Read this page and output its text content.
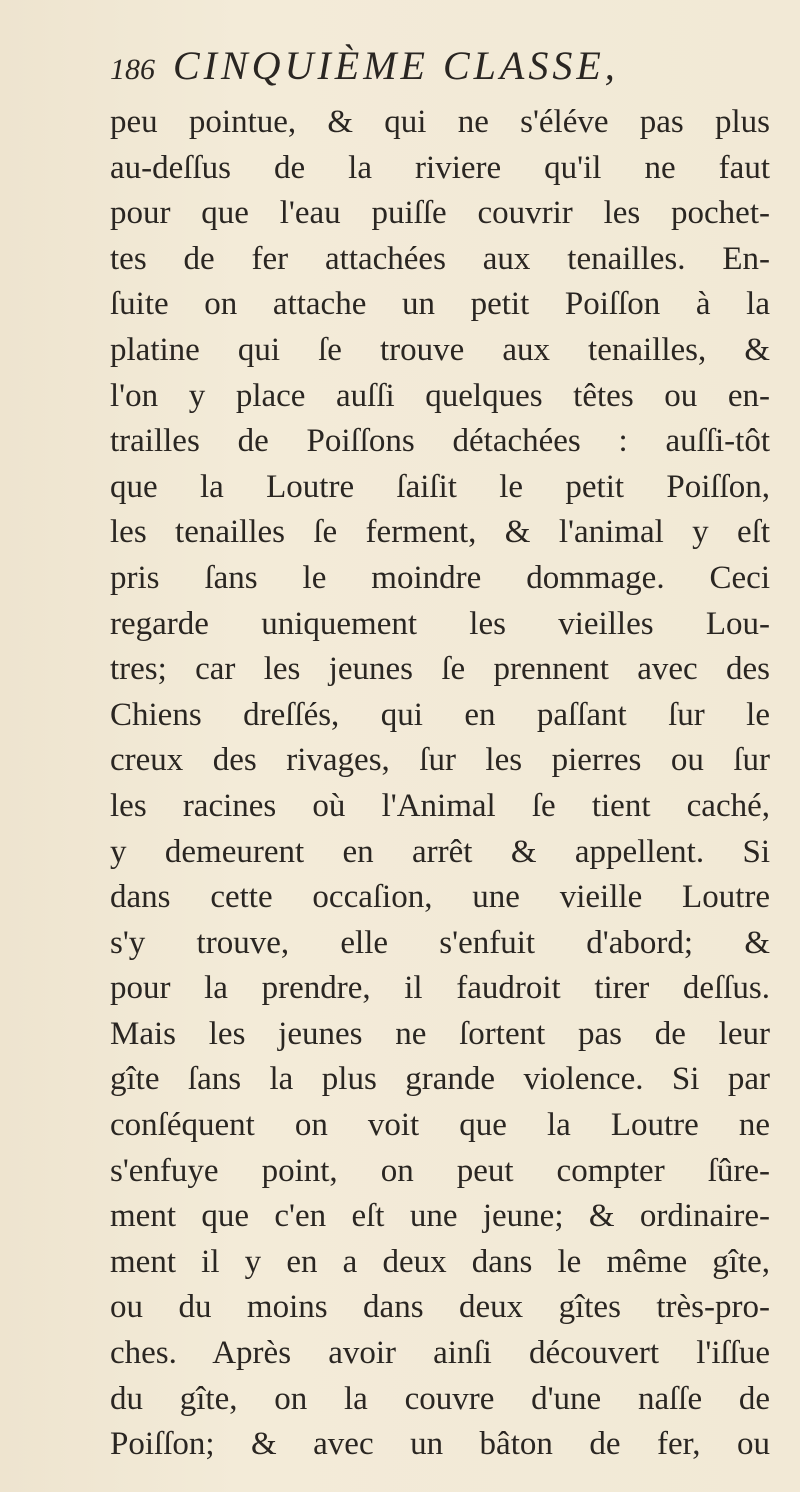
186 CINQUIÈME CLASSE,
peu pointue, & qui ne s'éléve pas plus
au-deſſus de la riviere qu'il ne faut
pour que l'eau puiſſe couvrir les pochet-
tes de fer attachées aux tenailles. En-
ſuite on attache un petit Poiſſon à la
platine qui ſe trouve aux tenailles, &
l'on y place auſſi quelques têtes ou en-
trailles de Poiſſons détachées : auſſi-tôt
que la Loutre ſaiſit le petit Poiſſon,
les tenailles ſe ferment, & l'animal y eſt
pris ſans le moindre dommage. Ceci
regarde uniquement les vieilles Lou-
tres; car les jeunes ſe prennent avec des
Chiens dreſſés, qui en paſſant ſur le
creux des rivages, ſur les pierres ou ſur
les racines où l'Animal ſe tient caché,
y demeurent en arrêt & appellent. Si
dans cette occaſion, une vieille Loutre
s'y trouve, elle s'enfuit d'abord; &
pour la prendre, il faudroit tirer deſſus.
Mais les jeunes ne ſortent pas de leur
gîte ſans la plus grande violence. Si par
conſéquent on voit que la Loutre ne
s'enfuye point, on peut compter ſûre-
ment que c'en eſt une jeune; & ordinaire-
ment il y en a deux dans le même gîte,
ou du moins dans deux gîtes très-pro-
ches. Après avoir ainſi découvert l'iſſue
du gîte, on la couvre d'une naſſe de
Poiſſon; & avec un bâton de fer, ou
